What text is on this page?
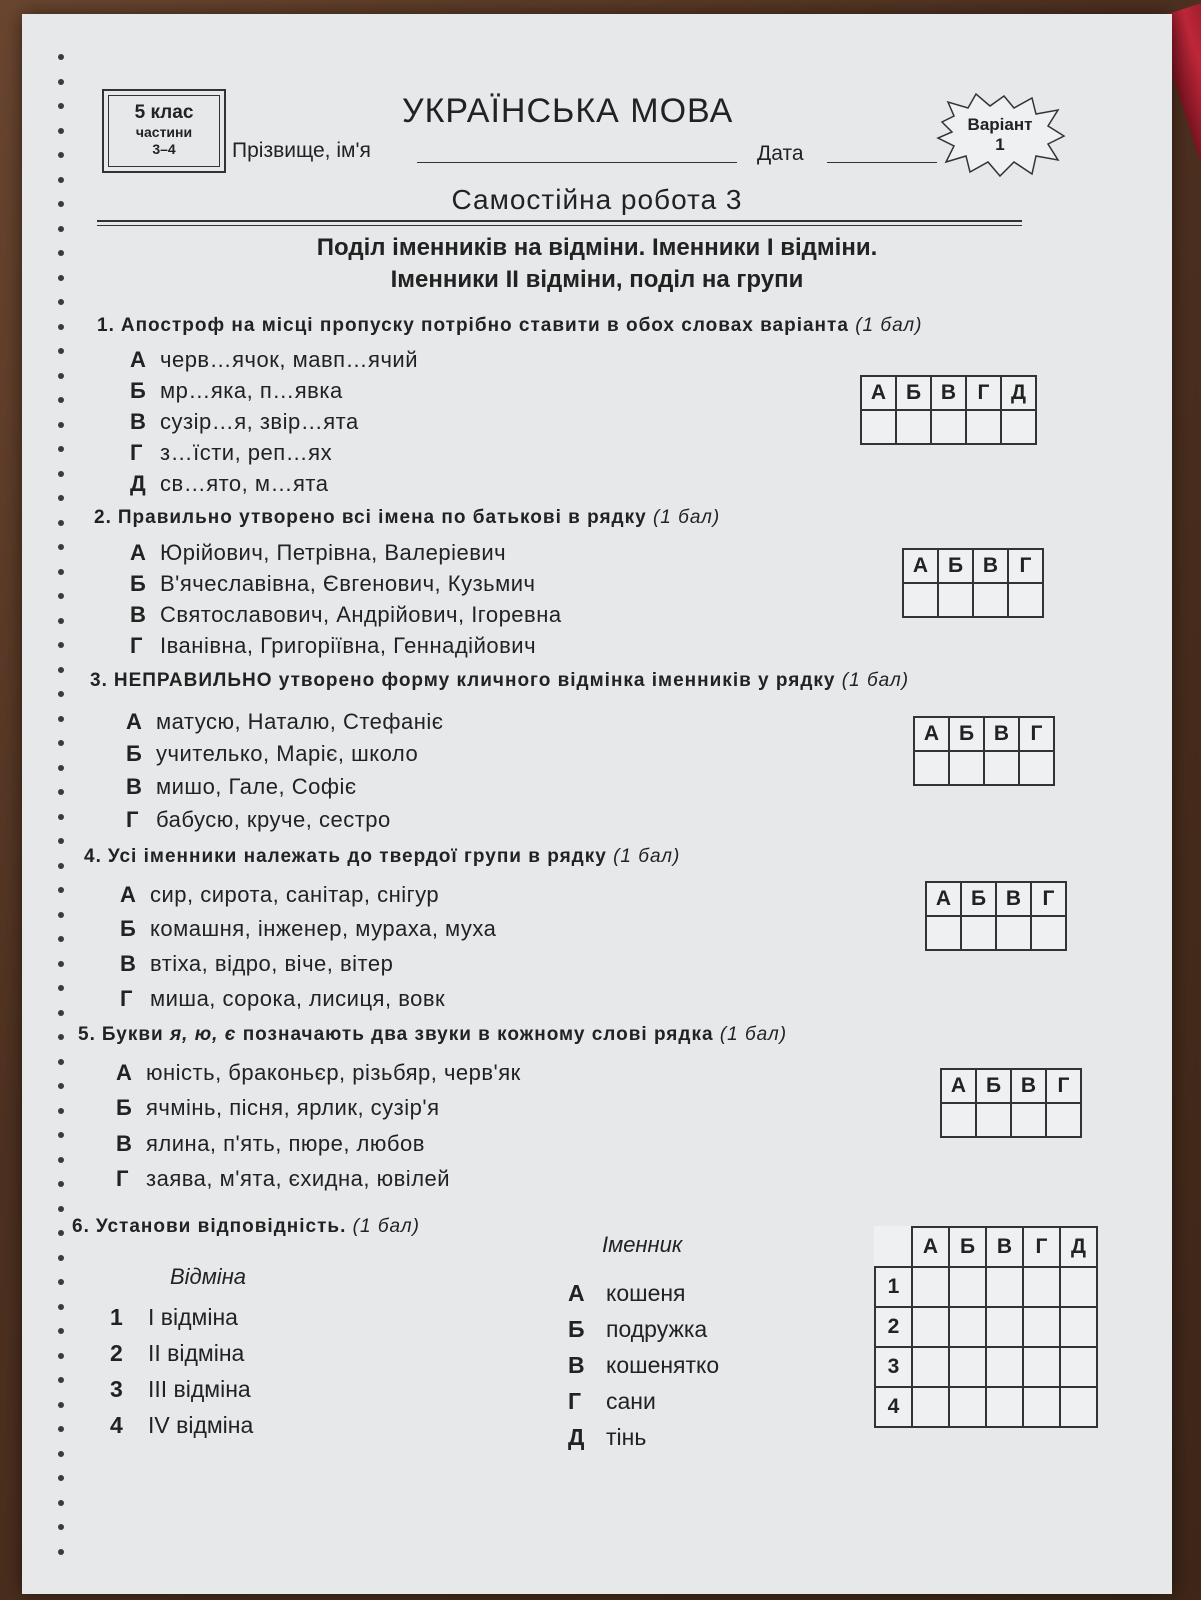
5 клас
частини
3–4
УКРАЇНСЬКА МОВА
Прізвище, ім'я	Дата
Варіант
1
Самостійна робота 3
Поділ іменників на відміни. Іменники І відміни.
Іменники ІІ відміни, поділ на групи
1. Апостроф на місці пропуску потрібно ставити в обох словах варіанта (1 бал)
А черв…ячок, мавп…ячий
Б мр…яка, п…явка
В сузір…я, звір…ята
Г з…їсти, реп…ях
Д св…ято, м…ята
А	Б	В	Г	Д

2. Правильно утворено всі імена по батькові в рядку (1 бал)
А Юрійович, Петрівна, Валеріевич
Б В'ячеславівна, Євгенович, Кузьмич
В Святославович, Андрійович, Ігоревна
Г Іванівна, Григоріївна, Геннадійович
А	Б	В	Г

3. НЕПРАВИЛЬНО утворено форму кличного відмінка іменників у рядку (1 бал)
А матусю, Наталю, Стефаніє
Б учителько, Маріє, школо
В мишо, Гале, Софіє
Г бабусю, круче, сестро
А	Б	В	Г

4. Усі іменники належать до твердої групи в рядку (1 бал)
А сир, сирота, санітар, снігур
Б комашня, інженер, мураха, муха
В втіха, відро, віче, вітер
Г миша, сорока, лисиця, вовк
А	Б	В	Г

5. Букви я, ю, є позначають два звуки в кожному слові рядка (1 бал)
А юність, браконьєр, різьбяр, черв'як
Б ячмінь, пісня, ярлик, сузір'я
В ялина, п'ять, пюре, любов
Г заява, м'ята, єхидна, ювілей
А	Б	В	Г

6. Установи відповідність. (1 бал)
Відміна
Іменник
1 І відміна
2 ІІ відміна
3 ІІІ відміна
4 IV відміна
А кошеня
Б подружка
В кошенятко
Г сани
Д тінь
	А	Б	В	Г	Д
1					
2					
3					
4					
